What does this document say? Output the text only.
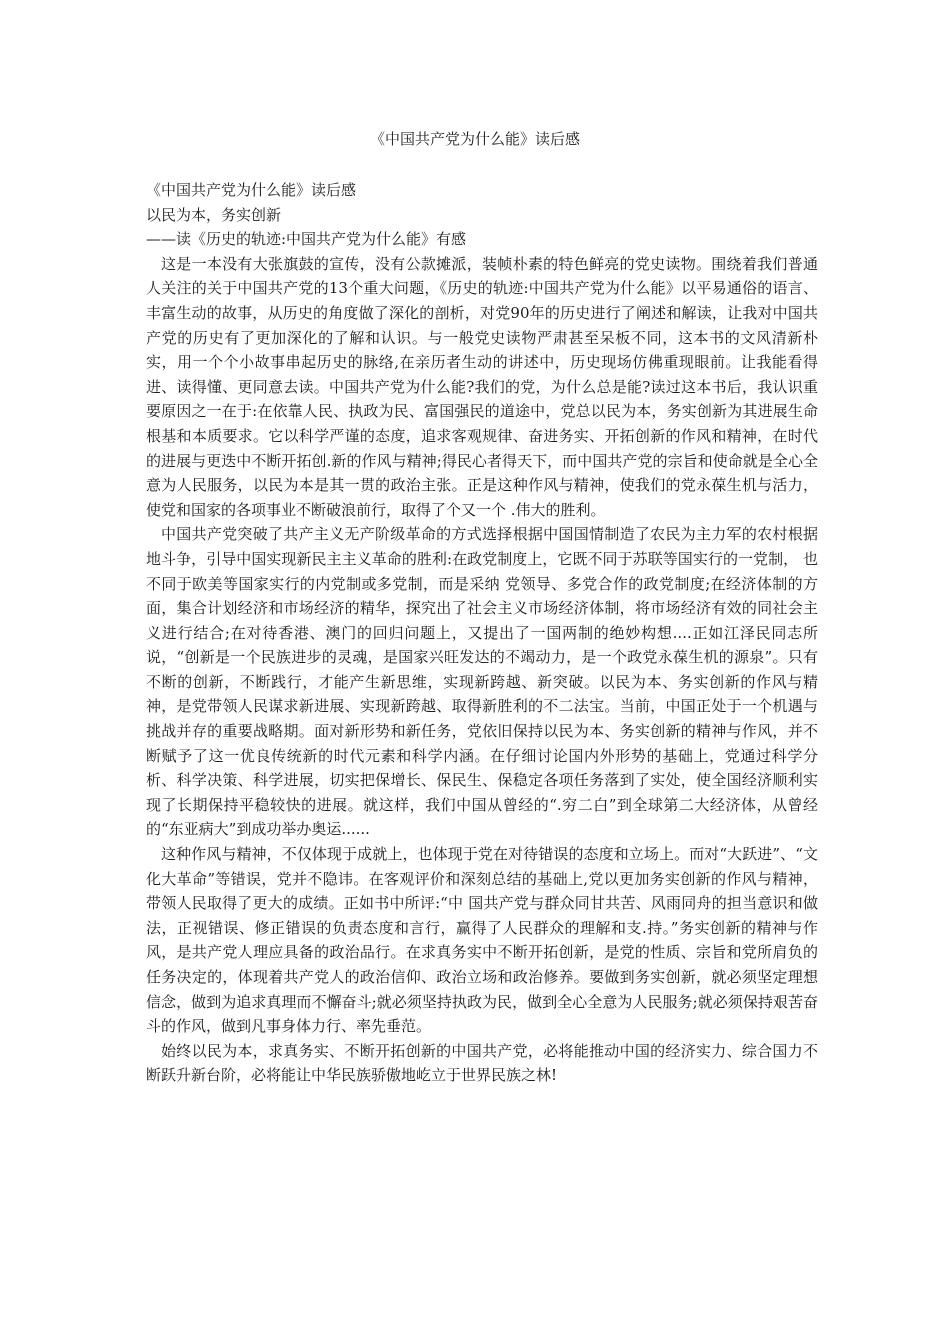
《中国共产党为什么能》读后感

《中国共产党为什么能》读后感

以民为本，务实创新

——读《历史的轨迹:中国共产党为什么能》有感

这是一本没有大张旗鼓的宣传，没有公款摊派，装帧朴素的特色鲜亮的党史读物。围绕着我们普通人关注的关于中国共产党的13个重大问题，《历史的轨迹:中国共产党为什么能》以平易通俗的语言、丰富生动的故事，从历史的角度做了深化的剖析，对党90年的历史进行了阐述和解读，让我对中国共产党的历史有了更加深化的了解和认识。与一般党史读物严肃甚至呆板不同，这本书的文风清新朴实，用一个个小故事串起历史的脉络,在亲历者生动的讲述中，历史现场仿佛重现眼前。让我能看得进、读得懂、更同意去读。中国共产党为什么能?我们的党，为什么总是能?读过这本书后，我认识重要原因之一在于:在依靠人民、执政为民、富国强民的道途中，党总以民为本，务实创新为其进展生命根基和本质要求。它以科学严谨的态度，追求客观规律、奋进务实、开拓创新的作风和精神，在时代的进展与更迭中不断开拓创.新的作风与精神;得民心者得天下，而中国共产党的宗旨和使命就是全心全意为人民服务，以民为本是其一贯的政治主张。正是这种作风与精神，使我们的党永葆生机与活力，使党和国家的各项事业不断破浪前行，取得了个又一个 .伟大的胜利。

中国共产党突破了共产主义无产阶级革命的方式选择根据中国国情制造了农民为主力军的农村根据地斗争，引导中国实现新民主主义革命的胜利:在政党制度上，它既不同于苏联等国实行的一党制， 也不同于欧美等国家实行的内党制或多党制，而是采纳 党领导、多党合作的政党制度;在经济体制的方面，集合计划经济和市场经济的精华，探究出了社会主义市场经济体制，将市场经济有效的同社会主义进行结合;在对待香港、澳门的回归问题上，又提出了一国两制的绝妙构想....正如江泽民同志所说，“创新是一个民族进步的灵魂，是国家兴旺发达的不竭动力，是一个政党永葆生机的源泉”。只有不断的创新，不断践行，才能产生新思维，实现新跨越、新突破。以民为本、务实创新的作风与精神，是党带领人民谋求新进展、实现新跨越、取得新胜利的不二法宝。当前，中国正处于一个机遇与挑战并存的重要战略期。面对新形势和新任务，党依旧保持以民为本、务实创新的精神与作风，并不断赋予了这一优良传统新的时代元素和科学内涵。在仔细讨论国内外形势的基础上，党通过科学分析、科学决策、科学进展，切实把保增长、保民生、保稳定各项任务落到了实处，使全国经济顺利实现了长期保持平稳较快的进展。就这样，我们中国从曾经的“.穷二白”到全球第二大经济体，从曾经的“东亚病大”到成功举办奥运......

这种作风与精神，不仅体现于成就上，也体现于党在对待错误的态度和立场上。而对“大跃进”、“文化大革命”等错误，党并不隐讳。在客观评价和深刻总结的基础上,党以更加务实创新的作风与精神，带领人民取得了更大的成绩。正如书中所评:“中 国共产党与群众同甘共苦、风雨同舟的担当意识和做法，正视错误、修正错误的负责态度和言行，赢得了人民群众的理解和支.持。”务实创新的精神与作风，是共产党人理应具备的政治品行。在求真务实中不断开拓创新，是党的性质、宗旨和党所肩负的任务决定的，体现着共产党人的政治信仰、政治立场和政治修养。要做到务实创新，就必须坚定理想信念，做到为追求真理而不懈奋斗;就必须坚持执政为民，做到全心全意为人民服务;就必须保持艰苦奋斗的作风，做到凡事身体力行、率先垂范。

始终以民为本，求真务实、不断开拓创新的中国共产党，必将能推动中国的经济实力、综合国力不断跃升新台阶，必将能让中华民族骄傲地屹立于世界民族之林!
